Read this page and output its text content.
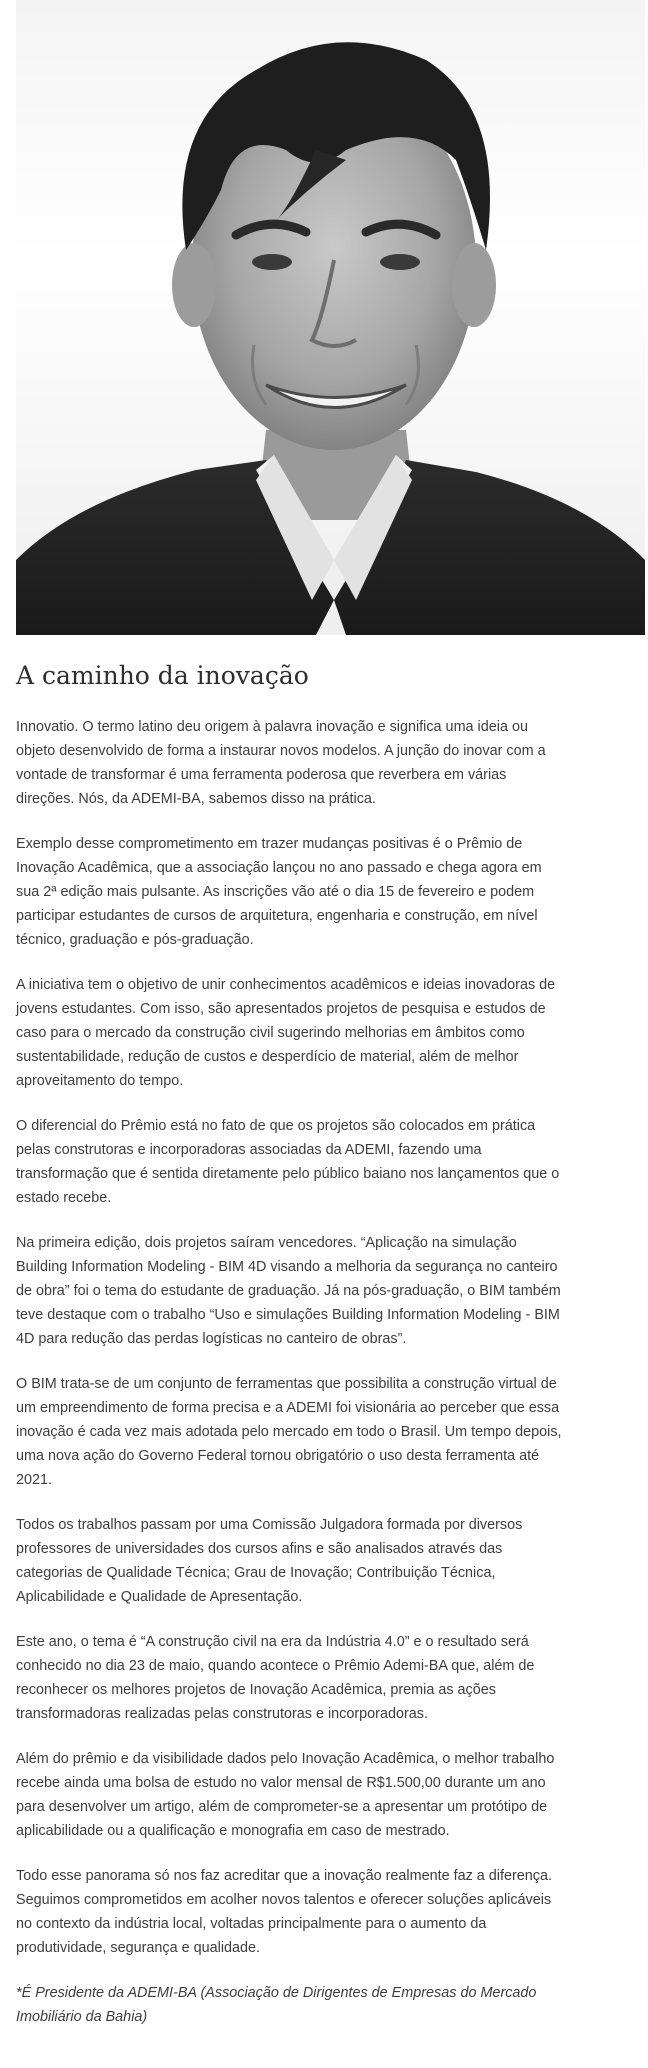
A caminho da inovação

Innovatio. O termo latino deu origem à palavra inovação e significa uma ideia ou objeto desenvolvido de forma a instaurar novos modelos. A junção do inovar com a vontade de transformar é uma ferramenta poderosa que reverbera em várias direções. Nós, da ADEMI-BA, sabemos disso na prática.

Exemplo desse comprometimento em trazer mudanças positivas é o Prêmio de Inovação Acadêmica, que a associação lançou no ano passado e chega agora em sua 2ª edição mais pulsante. As inscrições vão até o dia 15 de fevereiro e podem participar estudantes de cursos de arquitetura, engenharia e construção, em nível técnico, graduação e pós-graduação.

A iniciativa tem o objetivo de unir conhecimentos acadêmicos e ideias inovadoras de jovens estudantes. Com isso, são apresentados projetos de pesquisa e estudos de caso para o mercado da construção civil sugerindo melhorias em âmbitos como sustentabilidade, redução de custos e desperdício de material, além de melhor aproveitamento do tempo.

O diferencial do Prêmio está no fato de que os projetos são colocados em prática pelas construtoras e incorporadoras associadas da ADEMI, fazendo uma transformação que é sentida diretamente pelo público baiano nos lançamentos que o estado recebe.

Na primeira edição, dois projetos saíram vencedores. “Aplicação na simulação Building Information Modeling - BIM 4D visando a melhoria da segurança no canteiro de obra” foi o tema do estudante de graduação. Já na pós-graduação, o BIM também teve destaque com o trabalho “Uso e simulações Building Information Modeling - BIM 4D para redução das perdas logísticas no canteiro de obras”.

O BIM trata-se de um conjunto de ferramentas que possibilita a construção virtual de um empreendimento de forma precisa e a ADEMI foi visionária ao perceber que essa inovação é cada vez mais adotada pelo mercado em todo o Brasil. Um tempo depois, uma nova ação do Governo Federal tornou obrigatório o uso desta ferramenta até 2021.

Todos os trabalhos passam por uma Comissão Julgadora formada por diversos professores de universidades dos cursos afins e são analisados através das categorias de Qualidade Técnica; Grau de Inovação; Contribuição Técnica, Aplicabilidade e Qualidade de Apresentação.

Este ano, o tema é “A construção civil na era da Indústria 4.0” e o resultado será conhecido no dia 23 de maio, quando acontece o Prêmio Ademi-BA que, além de reconhecer os melhores projetos de Inovação Acadêmica, premia as ações transformadoras realizadas pelas construtoras e incorporadoras.

Além do prêmio e da visibilidade dados pelo Inovação Acadêmica, o melhor trabalho recebe ainda uma bolsa de estudo no valor mensal de R$1.500,00 durante um ano para desenvolver um artigo, além de comprometer-se a apresentar um protótipo de aplicabilidade ou a qualificação e monografia em caso de mestrado.

Todo esse panorama só nos faz acreditar que a inovação realmente faz a diferença. Seguimos comprometidos em acolher novos talentos e oferecer soluções aplicáveis no contexto da indústria local, voltadas principalmente para o aumento da produtividade, segurança e qualidade.

*É Presidente da ADEMI-BA (Associação de Dirigentes de Empresas do Mercado Imobiliário da Bahia)
